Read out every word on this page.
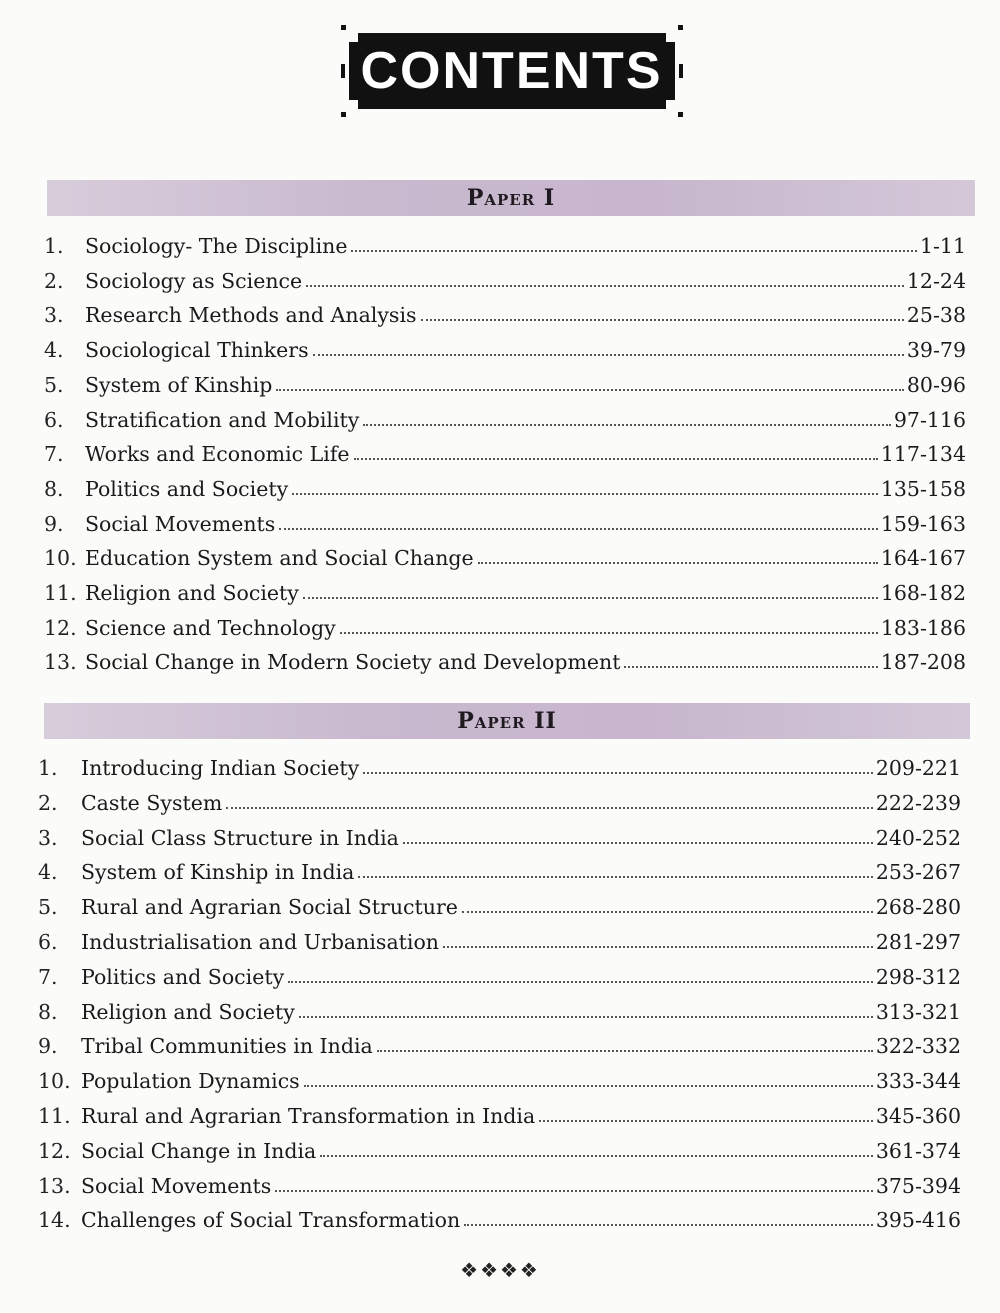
CONTENTS
Paper I
1.	Sociology- The Discipline	1-11
2.	Sociology as Science	12-24
3.	Research Methods and Analysis	25-38
4.	Sociological Thinkers	39-79
5.	System of Kinship	80-96
6.	Stratification and Mobility	97-116
7.	Works and Economic Life	117-134
8.	Politics and Society	135-158
9.	Social Movements	159-163
10. Education System and Social Change	164-167
11. Religion and Society	168-182
12. Science and Technology	183-186
13. Social Change in Modern Society and Development	187-208
Paper II
1.	Introducing Indian Society	209-221
2.	Caste System	222-239
3.	Social Class Structure in India	240-252
4.	System of Kinship in India	253-267
5.	Rural and Agrarian Social Structure	268-280
6.	Industrialisation and Urbanisation	281-297
7.	Politics and Society	298-312
8.	Religion and Society	313-321
9.	Tribal Communities in India	322-332
10. Population Dynamics	333-344
11. Rural and Agrarian Transformation in India	345-360
12. Social Change in India	361-374
13. Social Movements	375-394
14. Challenges of Social Transformation	395-416
❖❖❖❖
